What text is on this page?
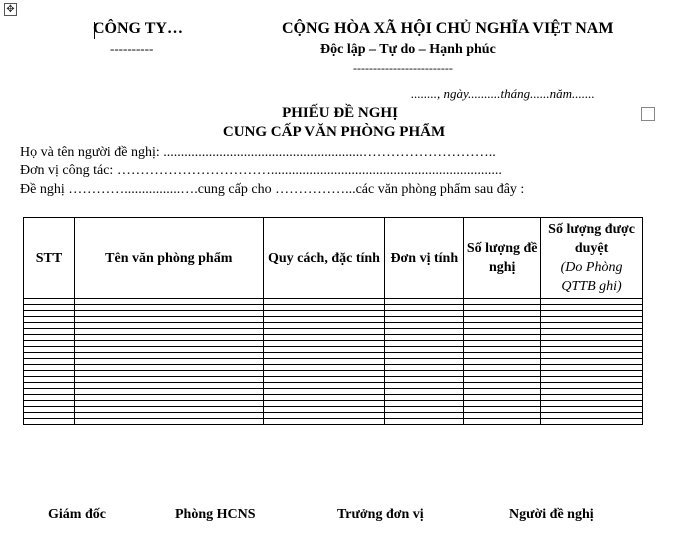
✥
CÔNG TY…
----------
CỘNG HÒA XÃ HỘI CHỦ NGHĨA VIỆT NAM
Độc lập – Tự do – Hạnh phúc
-------------------------
........, ngày..........tháng......năm.......
PHIẾU ĐỀ NGHỊ
CUNG CẤP VĂN PHÒNG PHẨM
Họ và tên người đề nghị: .........................................................………………………..
Đơn vị công tác: ……………………………..................................................................
Đề nghị …………................….cung cấp cho ……………...các văn phòng phẩm sau đây :
STT	Tên văn phòng phẩm	Quy cách, đặc tính	Đơn vị tính	Số lượng đề nghị	Số lượng được duyệt
(Do Phòng QTTB ghi)

Giám đốc	Phòng HCNS	Trưởng đơn vị	Người đề nghị
